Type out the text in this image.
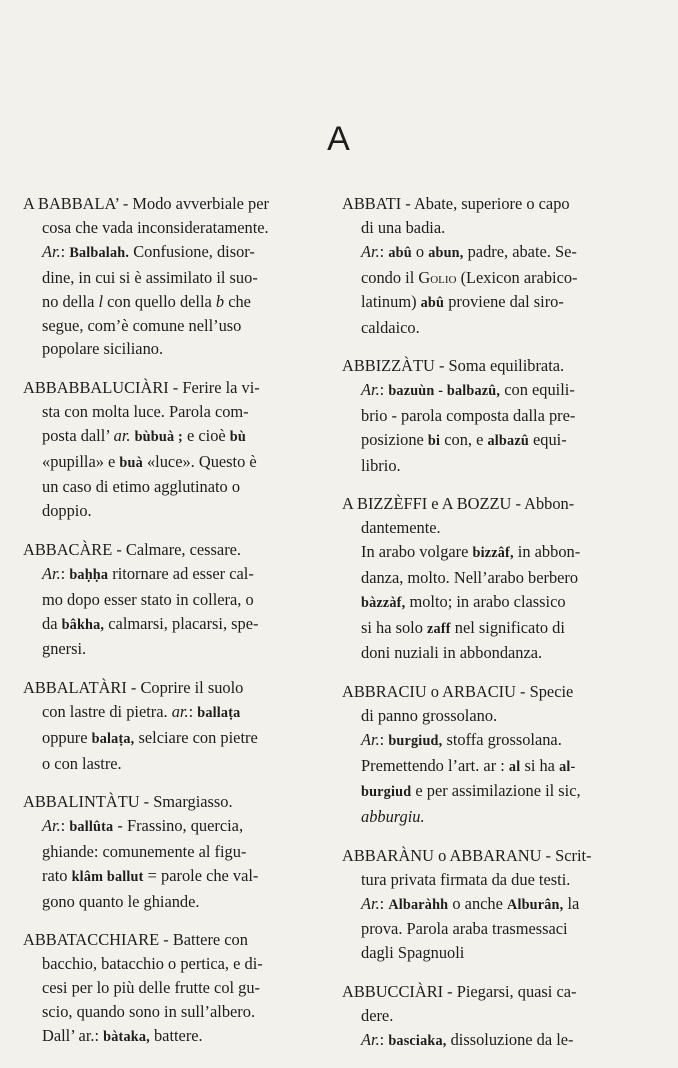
A
A BABBALA’ - Modo avverbiale per
cosa che vada inconsideratamente.
Ar.: Balbalah. Confusione, disor-
dine, in cui si è assimilato il suo-
no della l con quello della b che
segue, com’è comune nell’uso
popolare siciliano.
ABBABBALUCIÀRI - Ferire la vi-
sta con molta luce. Parola com-
posta dall’ ar. bùbuà ; e cioè bù
«pupilla» e buà «luce». Questo è
un caso di etimo agglutinato o
doppio.
ABBACÀRE - Calmare, cessare.
Ar.: baḥḥa ritornare ad esser cal-
mo dopo esser stato in collera, o
da bâkha, calmarsi, placarsi, spe-
gnersi.
ABBALATÀRI - Coprire il suolo
con lastre di pietra. ar.: ballaṭa
oppure balaṭa, selciare con pietre
o con lastre.
ABBALINTÀTU - Smargiasso.
Ar.: ballûta - Frassino, quercia,
ghiande: comunemente al figu-
rato klâm ballut = parole che val-
gono quanto le ghiande.
ABBATACCHIARE - Battere con
bacchio, batacchio o pertica, e di-
cesi per lo più delle frutte col gu-
scio, quando sono in sull’albero.
Dall’ ar.: bàtaka, battere.
ABBATI - Abate, superiore o capo
di una badia.
Ar.: abû o abun, padre, abate. Se-
condo il Golio (Lexicon arabico-
latinum) abû proviene dal siro-
caldaico.
ABBIZZÀTU - Soma equilibrata.
Ar.: bazuùn - balbazû, con equili-
brio - parola composta dalla pre-
posizione bi con, e albazû equi-
librio.
A BIZZÈFFI e A BOZZU - Abbon-
dantemente.
In arabo volgare bizzâf, in abbon-
danza, molto. Nell’arabo berbero
bàzzàf, molto; in arabo classico
si ha solo zaff nel significato di
doni nuziali in abbondanza.
ABBRACIU o ARBACIU - Specie
di panno grossolano.
Ar.: burgiud, stoffa grossolana.
Premettendo l’art. ar : al si ha al-
burgiud e per assimilazione il sic,
abburgiu.
ABBARÀNU o ABBARANU - Scrit-
tura privata firmata da due testi.
Ar.: Albaràhh o anche Alburân, la
prova. Parola araba trasmessaci
dagli Spagnuoli
ABBUCCIÀRI - Piegarsi, quasi ca-
dere.
Ar.: basciaka, dissoluzione da le-
